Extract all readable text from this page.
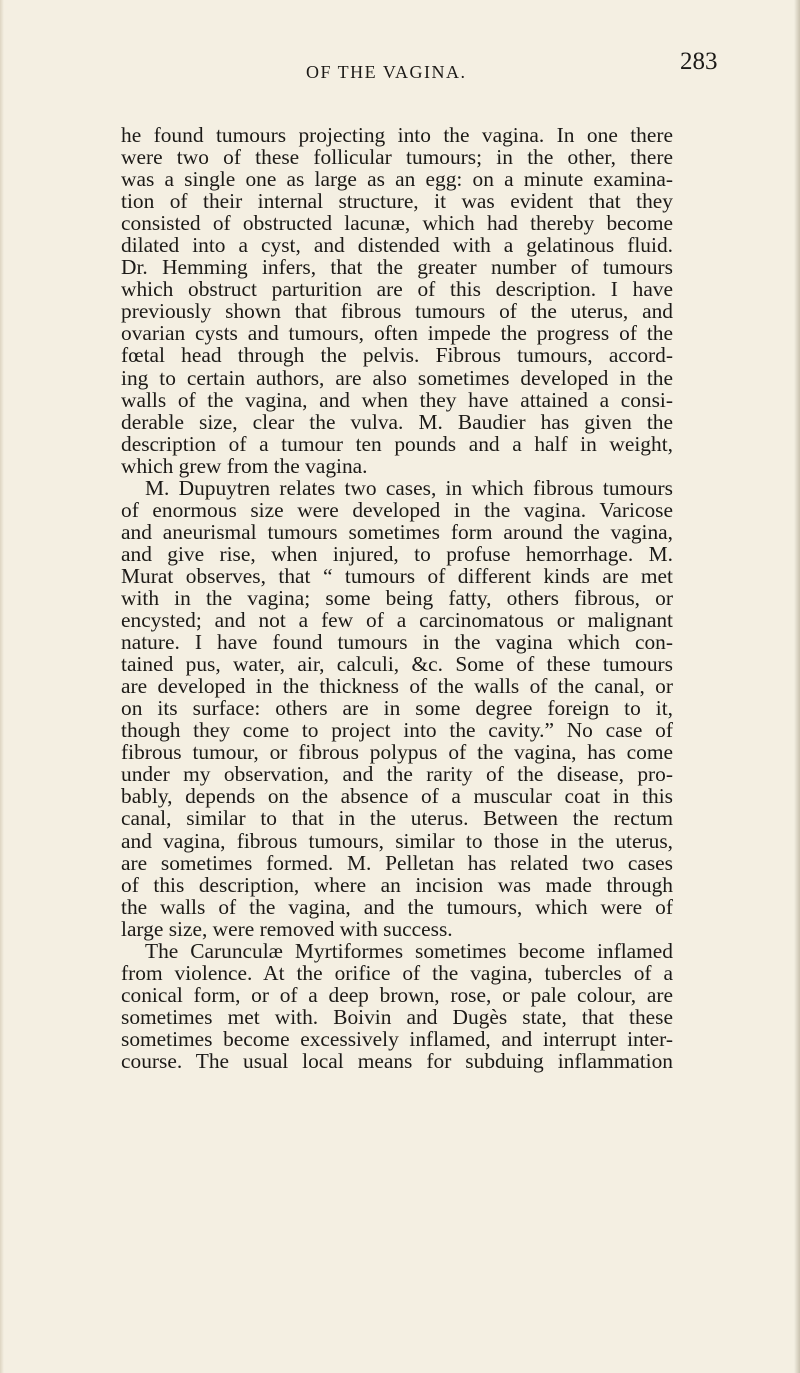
OF THE VAGINA.	283
he found tumours projecting into the vagina. In one there
were two of these follicular tumours; in the other, there
was a single one as large as an egg: on a minute examina-
tion of their internal structure, it was evident that they
consisted of obstructed lacunæ, which had thereby become
dilated into a cyst, and distended with a gelatinous fluid.
Dr. Hemming infers, that the greater number of tumours
which obstruct parturition are of this description. I have
previously shown that fibrous tumours of the uterus, and
ovarian cysts and tumours, often impede the progress of the
fœtal head through the pelvis. Fibrous tumours, accord-
ing to certain authors, are also sometimes developed in the
walls of the vagina, and when they have attained a consi-
derable size, clear the vulva. M. Baudier has given the
description of a tumour ten pounds and a half in weight,
which grew from the vagina.
M. Dupuytren relates two cases, in which fibrous tumours
of enormous size were developed in the vagina. Varicose
and aneurismal tumours sometimes form around the vagina,
and give rise, when injured, to profuse hemorrhage. M.
Murat observes, that “ tumours of different kinds are met
with in the vagina; some being fatty, others fibrous, or
encysted; and not a few of a carcinomatous or malignant
nature. I have found tumours in the vagina which con-
tained pus, water, air, calculi, &c. Some of these tumours
are developed in the thickness of the walls of the canal, or
on its surface: others are in some degree foreign to it,
though they come to project into the cavity.” No case of
fibrous tumour, or fibrous polypus of the vagina, has come
under my observation, and the rarity of the disease, pro-
bably, depends on the absence of a muscular coat in this
canal, similar to that in the uterus. Between the rectum
and vagina, fibrous tumours, similar to those in the uterus,
are sometimes formed. M. Pelletan has related two cases
of this description, where an incision was made through
the walls of the vagina, and the tumours, which were of
large size, were removed with success.
The Carunculæ Myrtiformes sometimes become inflamed
from violence. At the orifice of the vagina, tubercles of a
conical form, or of a deep brown, rose, or pale colour, are
sometimes met with. Boivin and Dugès state, that these
sometimes become excessively inflamed, and interrupt inter-
course. The usual local means for subduing inflammation
